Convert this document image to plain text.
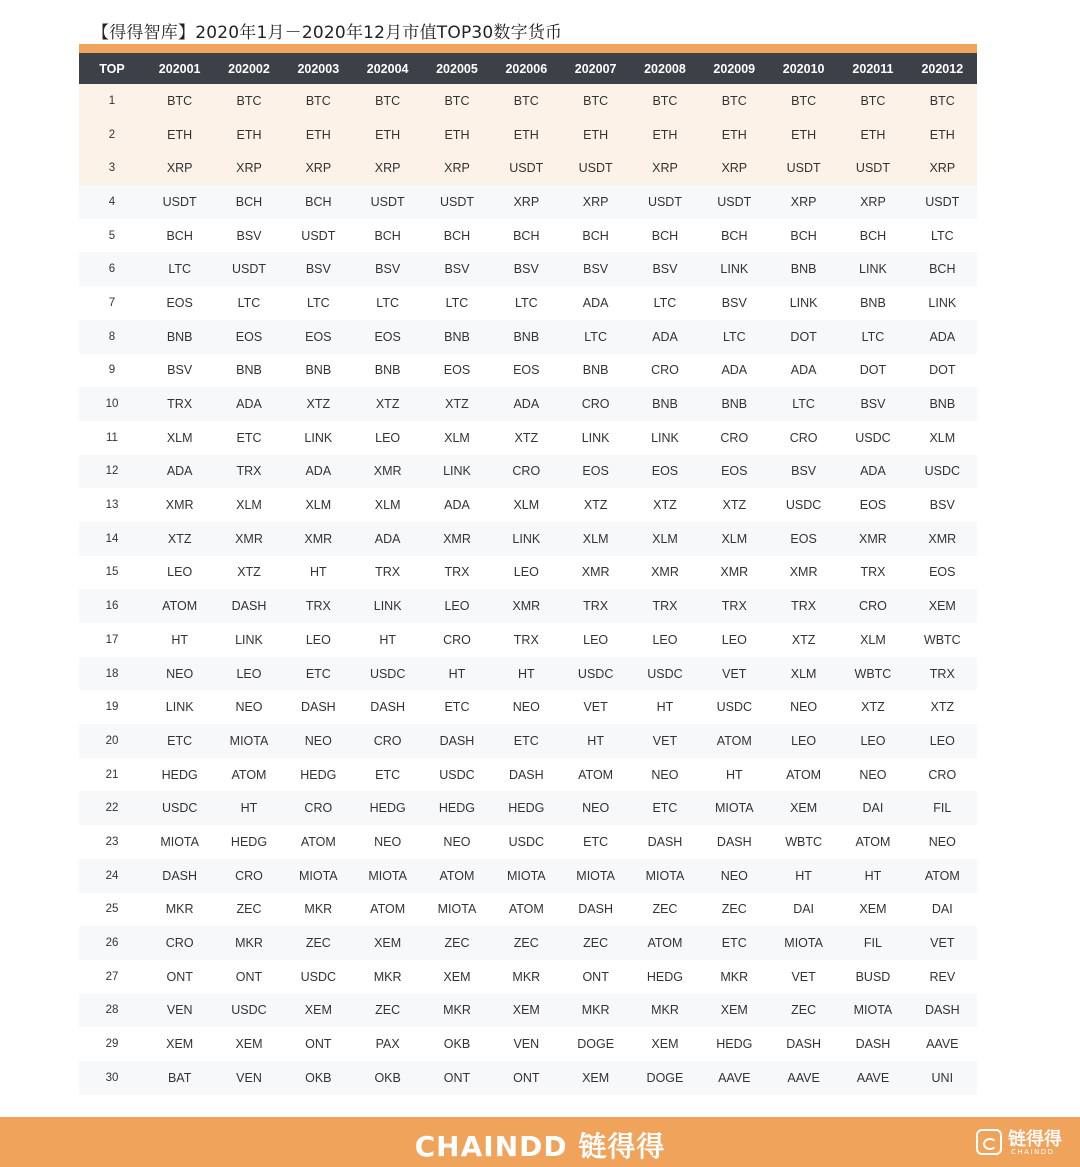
【得得智库】2020年1月－2020年12月市值TOP30数字货币
TOP	202001	202002	202003	202004	202005	202006	202007	202008	202009	202010	202011	202012
1	BTC	BTC	BTC	BTC	BTC	BTC	BTC	BTC	BTC	BTC	BTC	BTC
2	ETH	ETH	ETH	ETH	ETH	ETH	ETH	ETH	ETH	ETH	ETH	ETH
3	XRP	XRP	XRP	XRP	XRP	USDT	USDT	XRP	XRP	USDT	USDT	XRP
4	USDT	BCH	BCH	USDT	USDT	XRP	XRP	USDT	USDT	XRP	XRP	USDT
5	BCH	BSV	USDT	BCH	BCH	BCH	BCH	BCH	BCH	BCH	BCH	LTC
6	LTC	USDT	BSV	BSV	BSV	BSV	BSV	BSV	LINK	BNB	LINK	BCH
7	EOS	LTC	LTC	LTC	LTC	LTC	ADA	LTC	BSV	LINK	BNB	LINK
8	BNB	EOS	EOS	EOS	BNB	BNB	LTC	ADA	LTC	DOT	LTC	ADA
9	BSV	BNB	BNB	BNB	EOS	EOS	BNB	CRO	ADA	ADA	DOT	DOT
10	TRX	ADA	XTZ	XTZ	XTZ	ADA	CRO	BNB	BNB	LTC	BSV	BNB
11	XLM	ETC	LINK	LEO	XLM	XTZ	LINK	LINK	CRO	CRO	USDC	XLM
12	ADA	TRX	ADA	XMR	LINK	CRO	EOS	EOS	EOS	BSV	ADA	USDC
13	XMR	XLM	XLM	XLM	ADA	XLM	XTZ	XTZ	XTZ	USDC	EOS	BSV
14	XTZ	XMR	XMR	ADA	XMR	LINK	XLM	XLM	XLM	EOS	XMR	XMR
15	LEO	XTZ	HT	TRX	TRX	LEO	XMR	XMR	XMR	XMR	TRX	EOS
16	ATOM	DASH	TRX	LINK	LEO	XMR	TRX	TRX	TRX	TRX	CRO	XEM
17	HT	LINK	LEO	HT	CRO	TRX	LEO	LEO	LEO	XTZ	XLM	WBTC
18	NEO	LEO	ETC	USDC	HT	HT	USDC	USDC	VET	XLM	WBTC	TRX
19	LINK	NEO	DASH	DASH	ETC	NEO	VET	HT	USDC	NEO	XTZ	XTZ
20	ETC	MIOTA	NEO	CRO	DASH	ETC	HT	VET	ATOM	LEO	LEO	LEO
21	HEDG	ATOM	HEDG	ETC	USDC	DASH	ATOM	NEO	HT	ATOM	NEO	CRO
22	USDC	HT	CRO	HEDG	HEDG	HEDG	NEO	ETC	MIOTA	XEM	DAI	FIL
23	MIOTA	HEDG	ATOM	NEO	NEO	USDC	ETC	DASH	DASH	WBTC	ATOM	NEO
24	DASH	CRO	MIOTA	MIOTA	ATOM	MIOTA	MIOTA	MIOTA	NEO	HT	HT	ATOM
25	MKR	ZEC	MKR	ATOM	MIOTA	ATOM	DASH	ZEC	ZEC	DAI	XEM	DAI
26	CRO	MKR	ZEC	XEM	ZEC	ZEC	ZEC	ATOM	ETC	MIOTA	FIL	VET
27	ONT	ONT	USDC	MKR	XEM	MKR	ONT	HEDG	MKR	VET	BUSD	REV
28	VEN	USDC	XEM	ZEC	MKR	XEM	MKR	MKR	XEM	ZEC	MIOTA	DASH
29	XEM	XEM	ONT	PAX	OKB	VEN	DOGE	XEM	HEDG	DASH	DASH	AAVE
30	BAT	VEN	OKB	OKB	ONT	ONT	XEM	DOGE	AAVE	AAVE	AAVE	UNI
CHAINDD 链得得	链得得
CHAINDD
